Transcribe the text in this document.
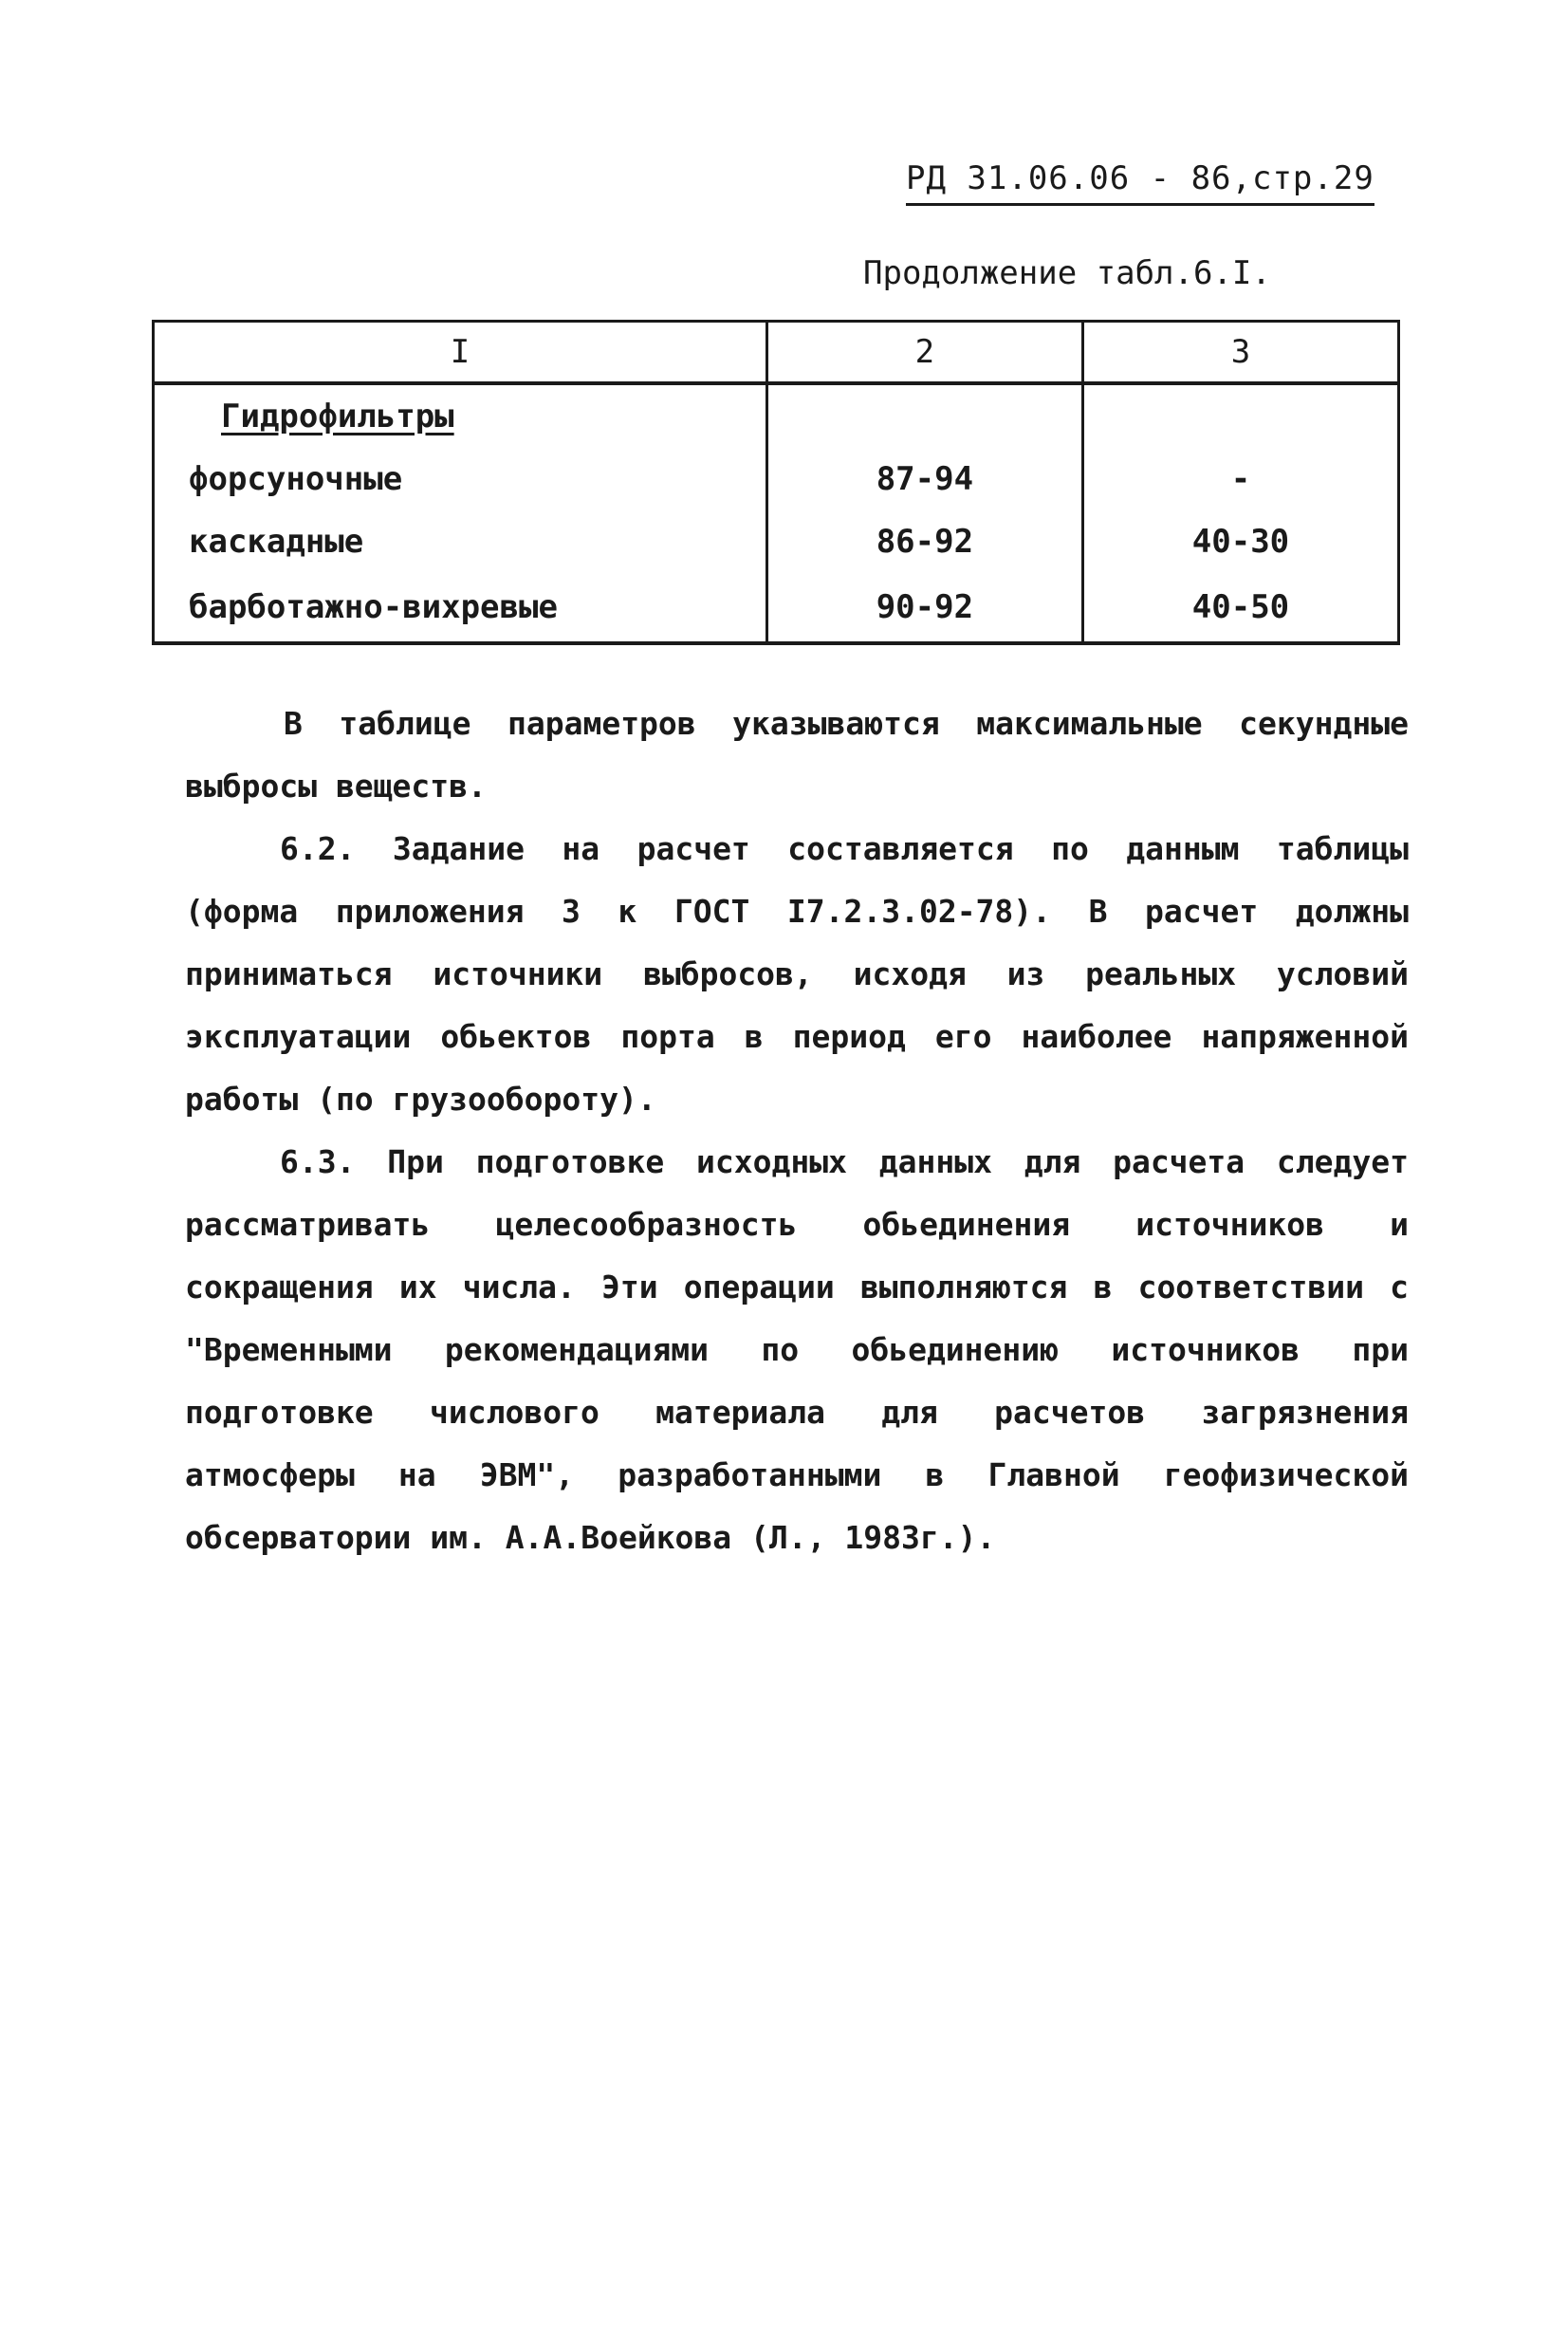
РД 31.06.06 - 86,стр.29
Продолжение табл.6.I.
I	2	3
Гидрофильтры		
форсуночные	87-94	-
каскадные	86-92	40-30
барботажно-вихревые	90-92	40-50

В таблице параметров указываются максимальные секундные выбросы веществ.

6.2. Задание на расчет составляется по данным таблицы (форма приложения 3 к ГОСТ I7.2.3.02-78). В расчет должны приниматься источники выбросов, исходя из реальных условий эксплуатации обьектов порта в период его наиболее напряженной работы (по грузообороту).

6.3. При подготовке исходных данных для расчета следует рассматривать целесообразность обьединения источников и сокращения их числа. Эти операции выполняются в соответствии с "Временными рекомендациями по обьединению источников при подготовке числового материала для расчетов загрязнения атмосферы на ЭВМ", разработанными в Главной геофизической обсерватории им. А.А.Воейкова (Л., 1983г.).
